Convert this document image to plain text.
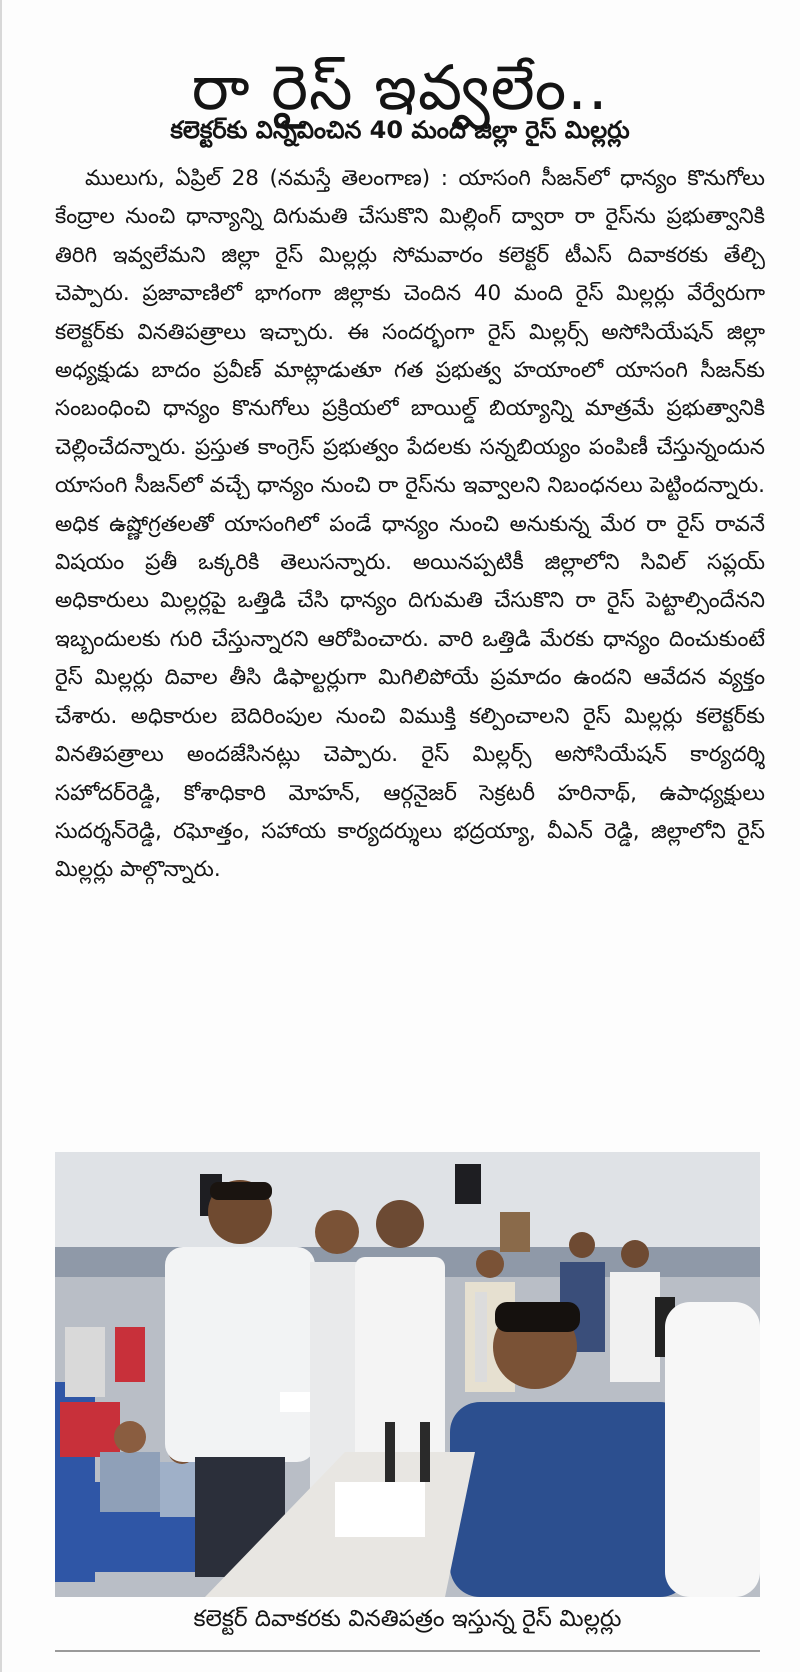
రా రైస్ ఇవ్వలేం..
కలెక్టర్‌కు విన్నవించిన 40 మంది జిల్లా రైస్ మిల్లర్లు

ములుగు, ఏప్రిల్ 28 (నమస్తే తెలంగాణ) : యాసంగి సీజన్‌లో ధాన్యం కొనుగోలు కేంద్రాల నుంచి ధాన్యాన్ని దిగుమతి చేసుకొని మిల్లింగ్ ద్వారా రా రైస్‌ను ప్రభుత్వానికి తిరిగి ఇవ్వలేమని జిల్లా రైస్ మిల్లర్లు సోమవారం కలెక్టర్ టీఎస్ దివాకరకు తేల్చి చెప్పారు. ప్రజావాణిలో భాగంగా జిల్లాకు చెందిన 40 మంది రైస్ మిల్లర్లు వేర్వేరుగా కలెక్టర్‌కు వినతిపత్రాలు ఇచ్చారు. ఈ సందర్భంగా రైస్ మిల్లర్స్ అసోసియేషన్ జిల్లా అధ్యక్షుడు బాదం ప్రవీణ్ మాట్లాడుతూ గత ప్రభుత్వ హయాంలో యాసంగి సీజన్‌కు సంబంధించి ధాన్యం కొనుగోలు ప్రక్రియలో బాయిల్డ్ బియ్యాన్ని మాత్రమే ప్రభుత్వానికి చెల్లించేదన్నారు. ప్రస్తుత కాంగ్రెస్ ప్రభుత్వం పేదలకు సన్నబియ్యం పంపిణీ చేస్తున్నందున యాసంగి సీజన్‌లో వచ్చే ధాన్యం నుంచి రా రైస్‌ను ఇవ్వాలని నిబంధనలు పెట్టిందన్నారు. అధిక ఉష్ణోగ్రతలతో యాసంగిలో పండే ధాన్యం నుంచి అనుకున్న మేర రా రైస్ రావనే విషయం ప్రతీ ఒక్కరికి తెలుసన్నారు. అయినప్పటికీ జిల్లాలోని సివిల్ సప్లయ్ అధికారులు మిల్లర్లపై ఒత్తిడి చేసి ధాన్యం దిగుమతి చేసుకొని రా రైస్ పెట్టాల్సిందేనని ఇబ్బందులకు గురి చేస్తున్నారని ఆరోపించారు. వారి ఒత్తిడి మేరకు ధాన్యం దించుకుంటే రైస్ మిల్లర్లు దివాల తీసి డిఫాల్టర్లుగా మిగిలిపోయే ప్రమాదం ఉందని ఆవేదన వ్యక్తం చేశారు. అధికారుల బెదిరింపుల నుంచి విముక్తి కల్పించాలని రైస్ మిల్లర్లు కలెక్టర్‌కు వినతిపత్రాలు అందజేసినట్లు చెప్పారు. రైస్ మిల్లర్స్ అసోసియేషన్ కార్యదర్శి సహోదర్‌రెడ్డి, కోశాధికారి మోహన్, ఆర్గనైజర్ సెక్రటరీ హరినాథ్, ఉపాధ్యక్షులు సుదర్శన్‌రెడ్డి, రఘోత్తం, సహాయ కార్యదర్శులు భద్రయ్యా, వీఎన్ రెడ్డి, జిల్లాలోని రైస్ మిల్లర్లు పాల్గొన్నారు.

కలెక్టర్ దివాకరకు వినతిపత్రం ఇస్తున్న రైస్ మిల్లర్లు
